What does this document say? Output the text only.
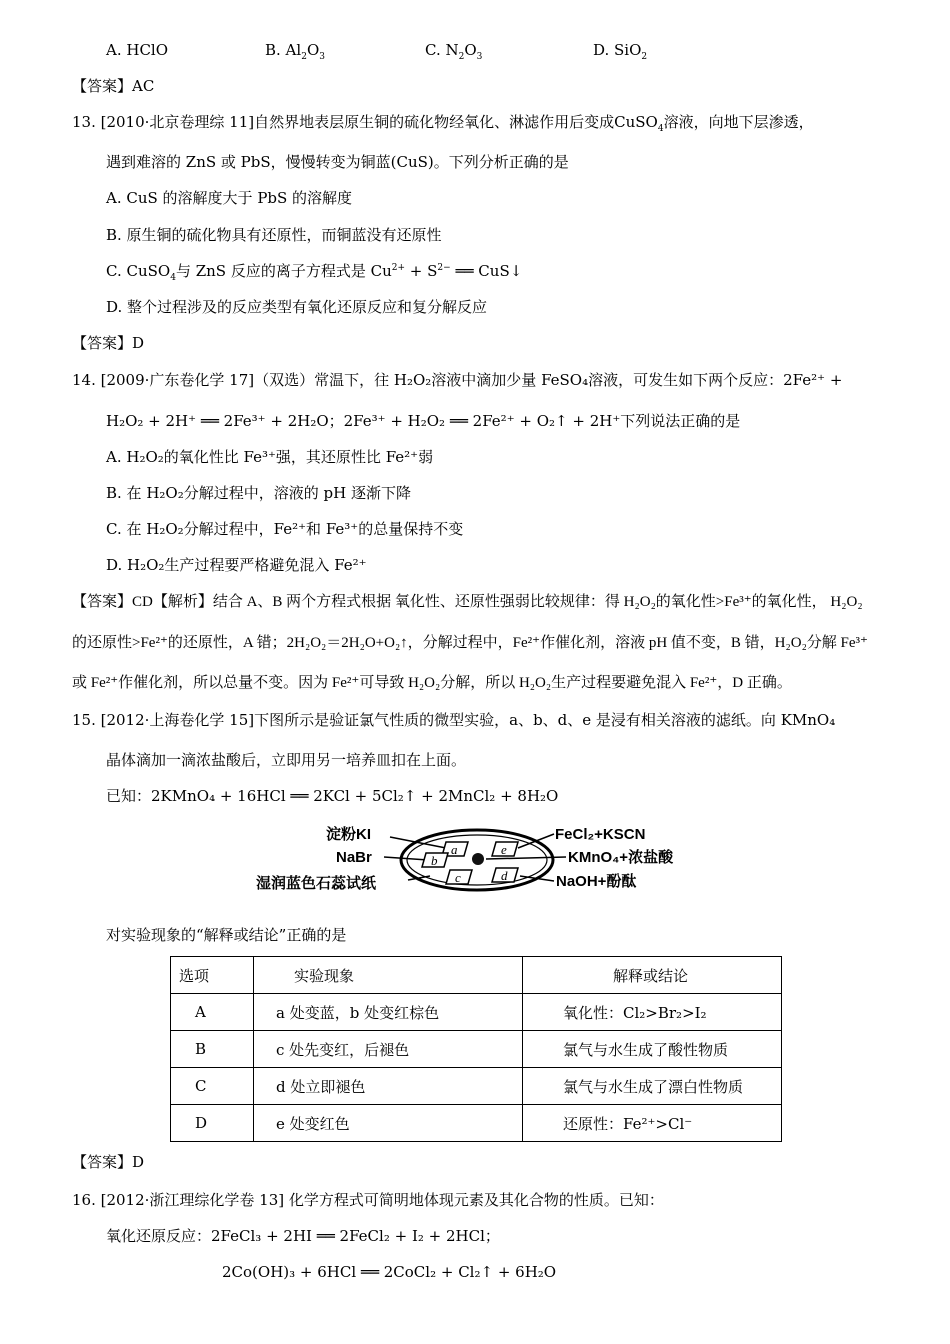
A. HClO	B. $Al_2O_3$	C. $N_2O_3$	D. SiO$_2$
【答案】AC
13. [2010·北京卷理综 11]自然界地表层原生铜的硫化物经氧化、淋滤作用后变成CuSO$_4$溶液，向地下层渗透，
遇到难溶的 ZnS 或 PbS，慢慢转变为铜蓝(CuS)。下列分析正确的是
A. CuS 的溶解度大于 PbS 的溶解度
B. 原生铜的硫化物具有还原性，而铜蓝没有还原性
C. CuSO$_4$与 ZnS 反应的离子方程式是 $Cu^{2+} + S^{2-}$ ══ CuS↓
D. 整个过程涉及的反应类型有氧化还原反应和复分解反应
【答案】D
14. [2009·广东卷化学 17]（双选）常温下，往 H₂O₂溶液中滴加少量 FeSO₄溶液，可发生如下两个反应：2Fe²⁺ +
H₂O₂ + 2H⁺ ══ 2Fe³⁺ + 2H₂O；2Fe³⁺ + H₂O₂ ══ 2Fe²⁺ + O₂↑ + 2H⁺下列说法正确的是
A. H₂O₂的氧化性比 Fe³⁺强，其还原性比 Fe²⁺弱
B. 在 H₂O₂分解过程中，溶液的 pH 逐渐下降
C. 在 H₂O₂分解过程中，Fe²⁺和 Fe³⁺的总量保持不变
D. H₂O₂生产过程要严格避免混入 Fe²⁺
【答案】CD【解析】结合 A、B 两个方程式根据 氧化性、还原性强弱比较规律：得 H₂O₂的氧化性>Fe³⁺的氧化性， H₂O₂
的还原性>Fe²⁺的还原性，A 错；2H₂O₂＝2H₂O+O₂↑，分解过程中，Fe²⁺作催化剂，溶液 pH 值不变，B 错，H₂O₂分解 Fe³⁺
或 Fe²⁺作催化剂，所以总量不变。因为 Fe²⁺可导致 H₂O₂分解，所以 H₂O₂生产过程要避免混入 Fe²⁺，D 正确。
15. [2012·上海卷化学 15]下图所示是验证氯气性质的微型实验，a、b、d、e 是浸有相关溶液的滤纸。向 KMnO₄
晶体滴加一滴浓盐酸后，立即用另一培养皿扣在上面。
已知：2KMnO₄ + 16HCl ══ 2KCl + 5Cl₂↑ + 2MnCl₂ + 8H₂O
淀粉KI
NaBr
湿润蓝色石蕊试纸
FeCl₂+KSCN
KMnO₄+浓盐酸
NaOH+酚酞
a
b
c	d
e
对实验现象的“解释或结论”正确的是
选项	实验现象	解释或结论
A	a 处变蓝，b 处变红棕色	氧化性：Cl₂>Br₂>I₂
B	c 处先变红，后褪色	氯气与水生成了酸性物质
C	d 处立即褪色	氯气与水生成了漂白性物质
D	e 处变红色	还原性：Fe²⁺>Cl⁻
【答案】D
16. [2012·浙江理综化学卷 13] 化学方程式可简明地体现元素及其化合物的性质。已知：
氧化还原反应：2FeCl₃ + 2HI ══ 2FeCl₂ + I₂ + 2HCl；
2Co(OH)₃ + 6HCl ══ 2CoCl₂ + Cl₂↑ + 6H₂O
